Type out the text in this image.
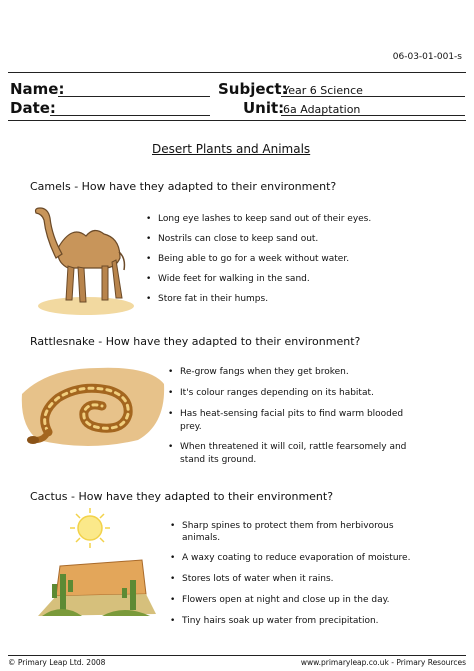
06-03-01-001-s
Name:
Date:
Subject:
Year 6 Science
Unit:
6a Adaptation
Desert Plants and Animals
Camels - How have they adapted to their environment?
• Long eye lashes to keep sand out of their eyes.
• Nostrils can close to keep sand out.
• Being able to go for a week without water.
• Wide feet for walking in the sand.
• Store fat in their humps.
Rattlesnake - How have they adapted to their environment?
• Re-grow fangs when they get broken.
• It's colour ranges depending on its habitat.
• Has heat-sensing facial pits to find warm blooded
prey.
• When threatened it will coil, rattle fearsomely and
stand its ground.
Cactus - How have they adapted to their environment?
• Sharp spines to protect them from herbivorous
animals.
• A waxy coating to reduce evaporation of moisture.
• Stores lots of water when it rains.
• Flowers open at night and close up in the day.
• Tiny hairs soak up water from precipitation.
© Primary Leap Ltd. 2008	www.primaryleap.co.uk - Primary Resources
